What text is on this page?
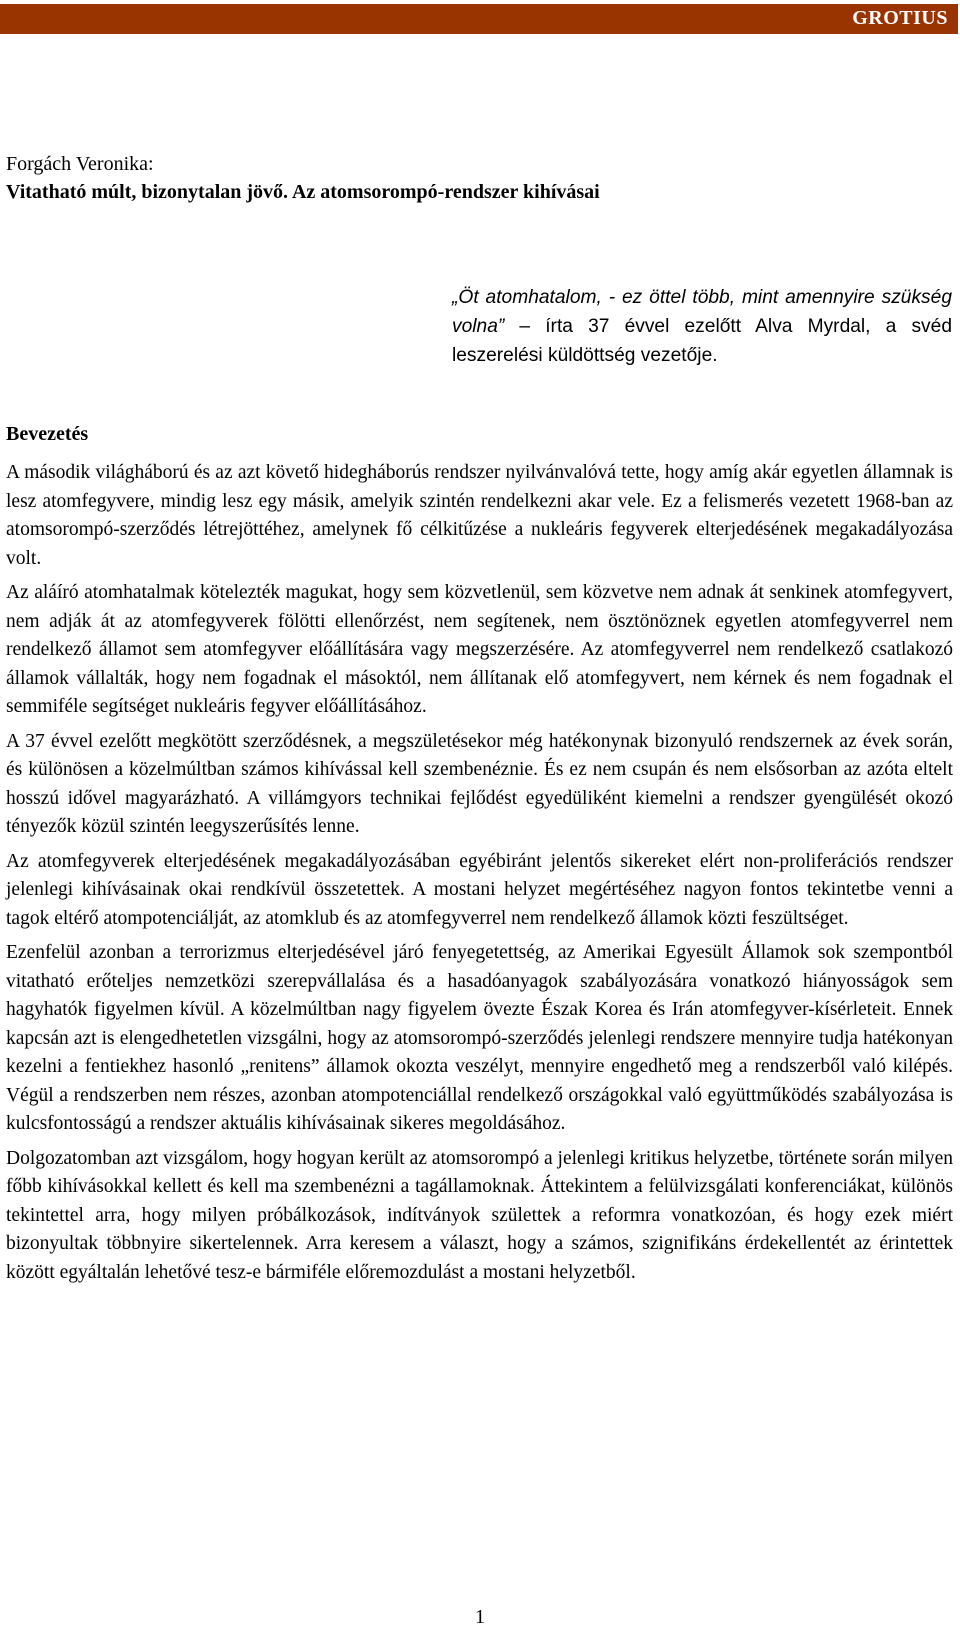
GROTIUS
Forgách Veronika:
Vitatható múlt, bizonytalan jövő. Az atomsorompó-rendszer kihívásai
„Öt atomhatalom, - ez öttel több, mint amennyire szükség volna” – írta 37 évvel ezelőtt Alva Myrdal, a svéd leszerelési küldöttség vezetője.
Bevezetés

A második világháború és az azt követő hidegháborús rendszer nyilvánvalóvá tette, hogy amíg akár egyetlen államnak is lesz atomfegyvere, mindig lesz egy másik, amelyik szintén rendelkezni akar vele. Ez a felismerés vezetett 1968-ban az atomsorompó-szerződés létrejöttéhez, amelynek fő célkitűzése a nukleáris fegyverek elterjedésének megakadályozása volt.

Az aláíró atomhatalmak kötelezték magukat, hogy sem közvetlenül, sem közvetve nem adnak át senkinek atomfegyvert, nem adják át az atomfegyverek fölötti ellenőrzést, nem segítenek, nem ösztönöznek egyetlen atomfegyverrel nem rendelkező államot sem atomfegyver előállítására vagy megszerzésére. Az atomfegyverrel nem rendelkező csatlakozó államok vállalták, hogy nem fogadnak el másoktól, nem állítanak elő atomfegyvert, nem kérnek és nem fogadnak el semmiféle segítséget nukleáris fegyver előállításához.

A 37 évvel ezelőtt megkötött szerződésnek, a megszületésekor még hatékonynak bizonyuló rendszernek az évek során, és különösen a közelmúltban számos kihívással kell szembenéznie. És ez nem csupán és nem elsősorban az azóta eltelt hosszú idővel magyarázható. A villámgyors technikai fejlődést egyedüliként kiemelni a rendszer gyengülését okozó tényezők közül szintén leegyszerűsítés lenne.

Az atomfegyverek elterjedésének megakadályozásában egyébiránt jelentős sikereket elért non-proliferációs rendszer jelenlegi kihívásainak okai rendkívül összetettek. A mostani helyzet megértéséhez nagyon fontos tekintetbe venni a tagok eltérő atompotenciálját, az atomklub és az atomfegyverrel nem rendelkező államok közti feszültséget.

Ezenfelül azonban a terrorizmus elterjedésével járó fenyegetettség, az Amerikai Egyesült Államok sok szempontból vitatható erőteljes nemzetközi szerepvállalása és a hasadóanyagok szabályozására vonatkozó hiányosságok sem hagyhatók figyelmen kívül. A közelmúltban nagy figyelem övezte Észak Korea és Irán atomfegyver-kísérleteit. Ennek kapcsán azt is elengedhetetlen vizsgálni, hogy az atomsorompó-szerződés jelenlegi rendszere mennyire tudja hatékonyan kezelni a fentiekhez hasonló „renitens” államok okozta veszélyt, mennyire engedhető meg a rendszerből való kilépés. Végül a rendszerben nem részes, azonban atompotenciállal rendelkező országokkal való együttműködés szabályozása is kulcsfontosságú a rendszer aktuális kihívásainak sikeres megoldásához.

Dolgozatomban azt vizsgálom, hogy hogyan került az atomsorompó a jelenlegi kritikus helyzetbe, története során milyen főbb kihívásokkal kellett és kell ma szembenézni a tagállamoknak. Áttekintem a felülvizsgálati konferenciákat, különös tekintettel arra, hogy milyen próbálkozások, indítványok születtek a reformra vonatkozóan, és hogy ezek miért bizonyultak többnyire sikertelennek. Arra keresem a választ, hogy a számos, szignifikáns érdekellentét az érintettek között egyáltalán lehetővé tesz-e bármiféle előremozdulást a mostani helyzetből.

1
